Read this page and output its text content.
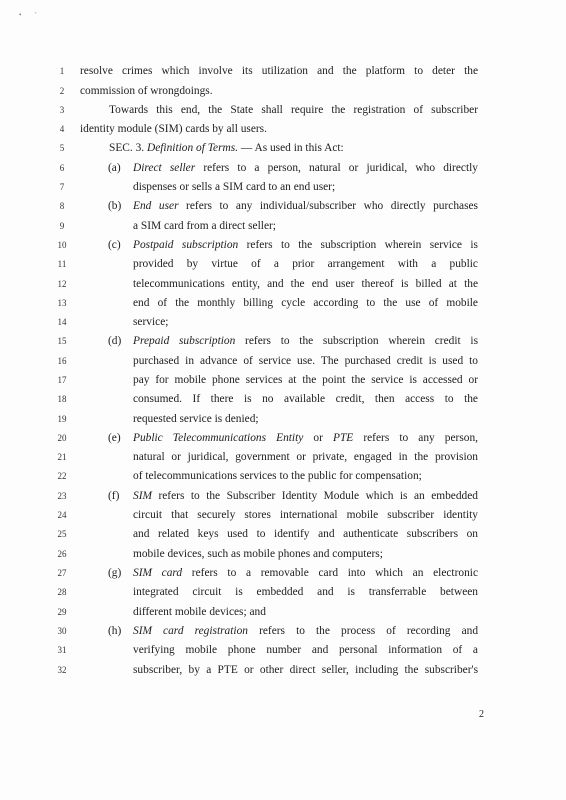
• '
1	resolve crimes which involve its utilization and the platform to deter the
2	commission of wrongdoings.
3	Towards this end, the State shall require the registration of subscriber
4	identity module (SIM) cards by all users.
5	SEC. 3. Definition of Terms. — As used in this Act:
6	(a) Direct seller refers to a person, natural or juridical, who directly
7	dispenses or sells a SIM card to an end user;
8	(b) End user refers to any individual/subscriber who directly purchases
9	a SIM card from a direct seller;
10	(c) Postpaid subscription refers to the subscription wherein service is
11	provided by virtue of a prior arrangement with a public
12	telecommunications entity, and the end user thereof is billed at the
13	end of the monthly billing cycle according to the use of mobile
14	service;
15	(d) Prepaid subscription refers to the subscription wherein credit is
16	purchased in advance of service use. The purchased credit is used to
17	pay for mobile phone services at the point the service is accessed or
18	consumed. If there is no available credit, then access to the
19	requested service is denied;
20	(e) Public Telecommunications Entity or PTE refers to any person,
21	natural or juridical, government or private, engaged in the provision
22	of telecommunications services to the public for compensation;
23	(f) SIM refers to the Subscriber Identity Module which is an embedded
24	circuit that securely stores international mobile subscriber identity
25	and related keys used to identify and authenticate subscribers on
26	mobile devices, such as mobile phones and computers;
27	(g) SIM card refers to a removable card into which an electronic
28	integrated circuit is embedded and is transferrable between
29	different mobile devices; and
30	(h) SIM card registration refers to the process of recording and
31	verifying mobile phone number and personal information of a
32	subscriber, by a PTE or other direct seller, including the subscriber's
2
